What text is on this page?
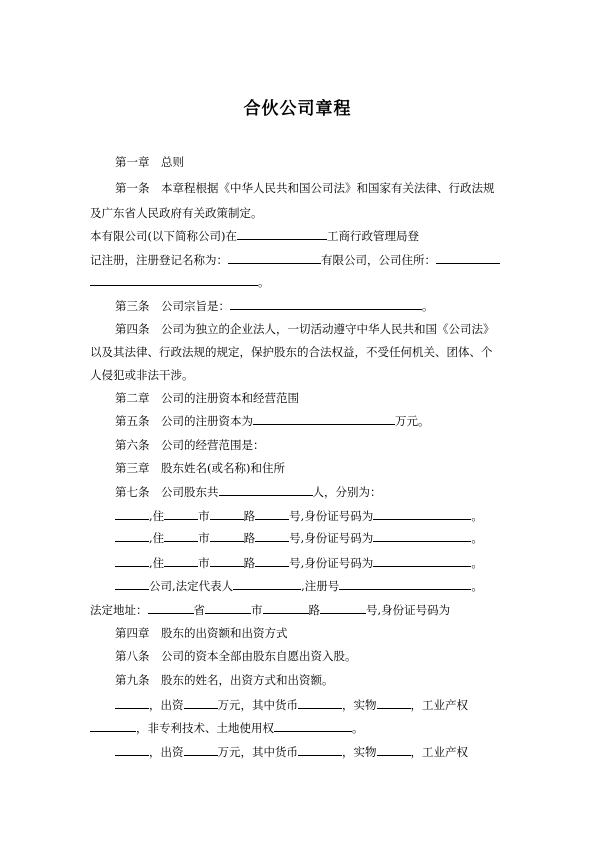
合伙公司章程
第一章　总则
第一条　本章程根据《中华人民共和国公司法》和国家有关法律、行政法规
及广东省人民政府有关政策制定。
本有限公司(以下简称公司)在	工商行政管理局登
记注册，注册登记名称为：	有限公司，公司住所：
。
第三条　公司宗旨是：	。
第四条　公司为独立的企业法人，一切活动遵守中华人民共和国《公司法》
以及其法律、行政法规的规定，保护股东的合法权益，不受任何机关、团体、个
人侵犯或非法干涉。
第二章　公司的注册资本和经营范围
第五条　公司的注册资本为	万元。
第六条　公司的经营范围是：
第三章　股东姓名(或名称)和住所
第七条　公司股东共	人，分别为：
,住	市	路	号,身份证号码为	。
,住	市	路	号,身份证号码为	。
,住	市	路	号,身份证号码为	。
公司,法定代表人	,注册号	。
法定地址：	省	市	路	号,身份证号码为
第四章　股东的出资额和出资方式
第八条　公司的资本全部由股东自愿出资入股。
第九条　股东的姓名，出资方式和出资额。
，出资	万元，其中货币	，实物	，工业产权
，非专利技术、土地使用权	。
，出资	万元，其中货币	，实物	，工业产权
